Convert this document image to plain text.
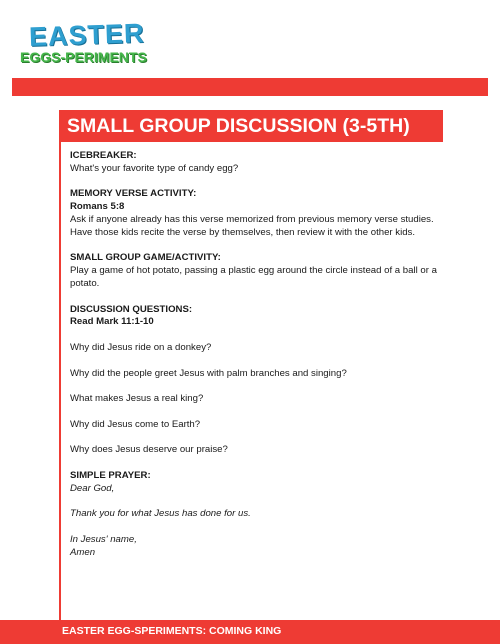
EASTER
EGGS-PERIMENTS
SMALL GROUP DISCUSSION (3-5TH)

ICEBREAKER:

What's your favorite type of candy egg?

MEMORY VERSE ACTIVITY:

Romans 5:8

Ask if anyone already has this verse memorized from previous memory verse studies.

Have those kids recite the verse by themselves, then review it with the other kids.

SMALL GROUP GAME/ACTIVITY:

Play a game of hot potato, passing a plastic egg around the circle instead of a ball or a

potato.

DISCUSSION QUESTIONS:

Read Mark 11:1-10

Why did Jesus ride on a donkey?

Why did the people greet Jesus with palm branches and singing?

What makes Jesus a real king?

Why did Jesus come to Earth?

Why does Jesus deserve our praise?

SIMPLE PRAYER:

Dear God,

Thank you for what Jesus has done for us.

In Jesus' name,

Amen

EASTER EGG-SPERIMENTS: COMING KING
